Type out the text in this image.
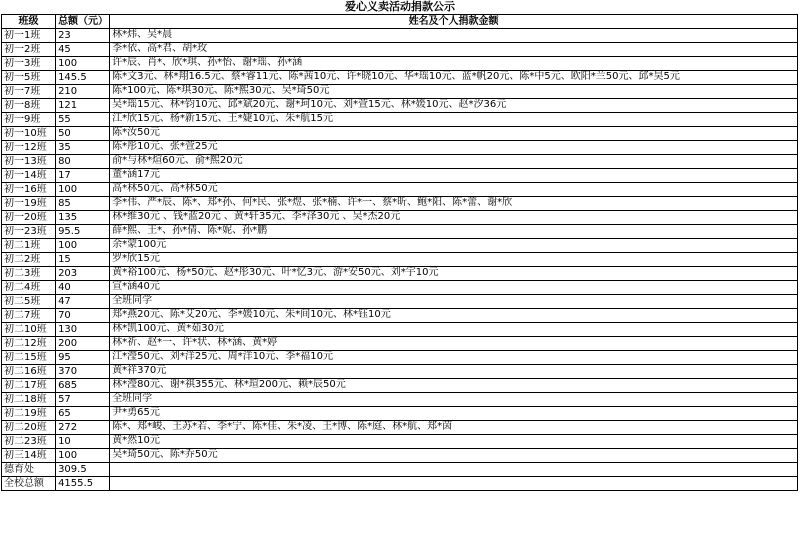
爱心义卖活动捐款公示
班级	总额（元）	姓名及个人捐款金额
初一1班	23	林*炜、吴*晨

初一2班	45	李*依、高*君、胡*玫

初一3班	100	许*辰、肖*、欣*琪、孙*怡、谢*瑶、孙*涵

初一5班	145.5	陈*文3元、林*翔16.5元、蔡*睿11元、陈*茜10元、许*晓10元、华*瑶10元、蓝*帆20元、陈*中5元、欧阳*兰50元、邱*昊5元

初一7班	210	陈*100元、陈*琪30元、陈*熙30元、吴*琦50元

初一8班	121	吴*瑶15元、林*钧10元、邱*斌20元、谢*珂10元、刘*萱15元、林*媛10元、赵*汐36元

初一9班	55	江*欣15元、杨*新15元、王*婕10元、朱*航15元

初一10班	50	陈*汝50元

初一12班	35	陈*彤10元、张*萱25元

初一13班	80	俞*与林*煊60元、俞*熙20元

初一14班	17	董*涵17元

初一16班	100	高*林50元、高*林50元

初一19班	85	李*伟、严*辰、陈*、郑*孙、何*民、张*煜、张*楠、许*一、蔡*昕、鲍*阳、陈*蕾、谢*欣

初一20班	135	林*维30元 、钱*蓝20元 、黄*轩35元、李*泽30元 、吴*杰20元

初一23班	95.5	薛*熙、王*、孙*倩、陈*妮、孙*鹏

初二1班	100	余*蒙100元

初二2班	15	罗*欣15元

初二3班	203	黄*裕100元、杨*50元、赵*彤30元、叶*忆3元、游*安50元、刘*宇10元

初二4班	40	宣*涵40元

初二5班	47	全班同学

初二7班	70	郑*燕20元、陈*艾20元、李*媛10元、朱*间10元、林*钰10元

初二10班	130	林*凯100元、黄*茹30元

初二12班	200	林*祈、赵*一、许*状、林*涵、黄*婷

初二15班	95	江*瀅50元、刘*洋25元、周*洋10元、李*福10元

初二16班	370	黄*祥370元

初二17班	685	林*瀅80元、谢*祺355元、林*瑄200元、赖*辰50元

初二18班	57	全班同学

初二19班	65	尹*勇65元

初二20班	272	陈*、郑*峻、王苏*若、李*宁、陈*佳、朱*凌、王*博、陈*庭、林*航、郑*茵

初二23班	10	黄*然10元

初三14班	100	吴*琦50元、陈*乔50元

德育处	309.5	

全校总额	4155.5	
